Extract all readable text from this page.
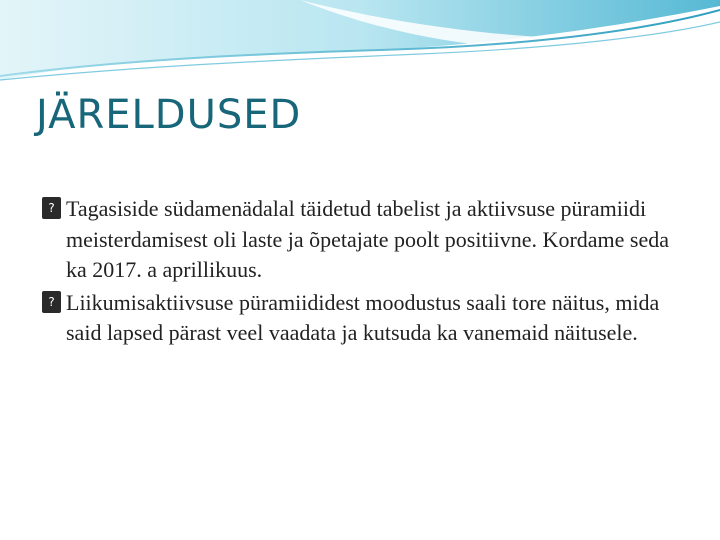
JÄRELDUSED

? Tagasiside südamenädalal täidetud tabelist ja aktiivsuse püramiidi meisterdamisest oli laste ja õpetajate poolt positiivne. Kordame seda ka 2017. a aprillikuus.

? Liikumisaktiivsuse püramiididest moodustus saali tore näitus, mida said lapsed pärast veel vaadata ja kutsuda ka vanemaid näitusele.
